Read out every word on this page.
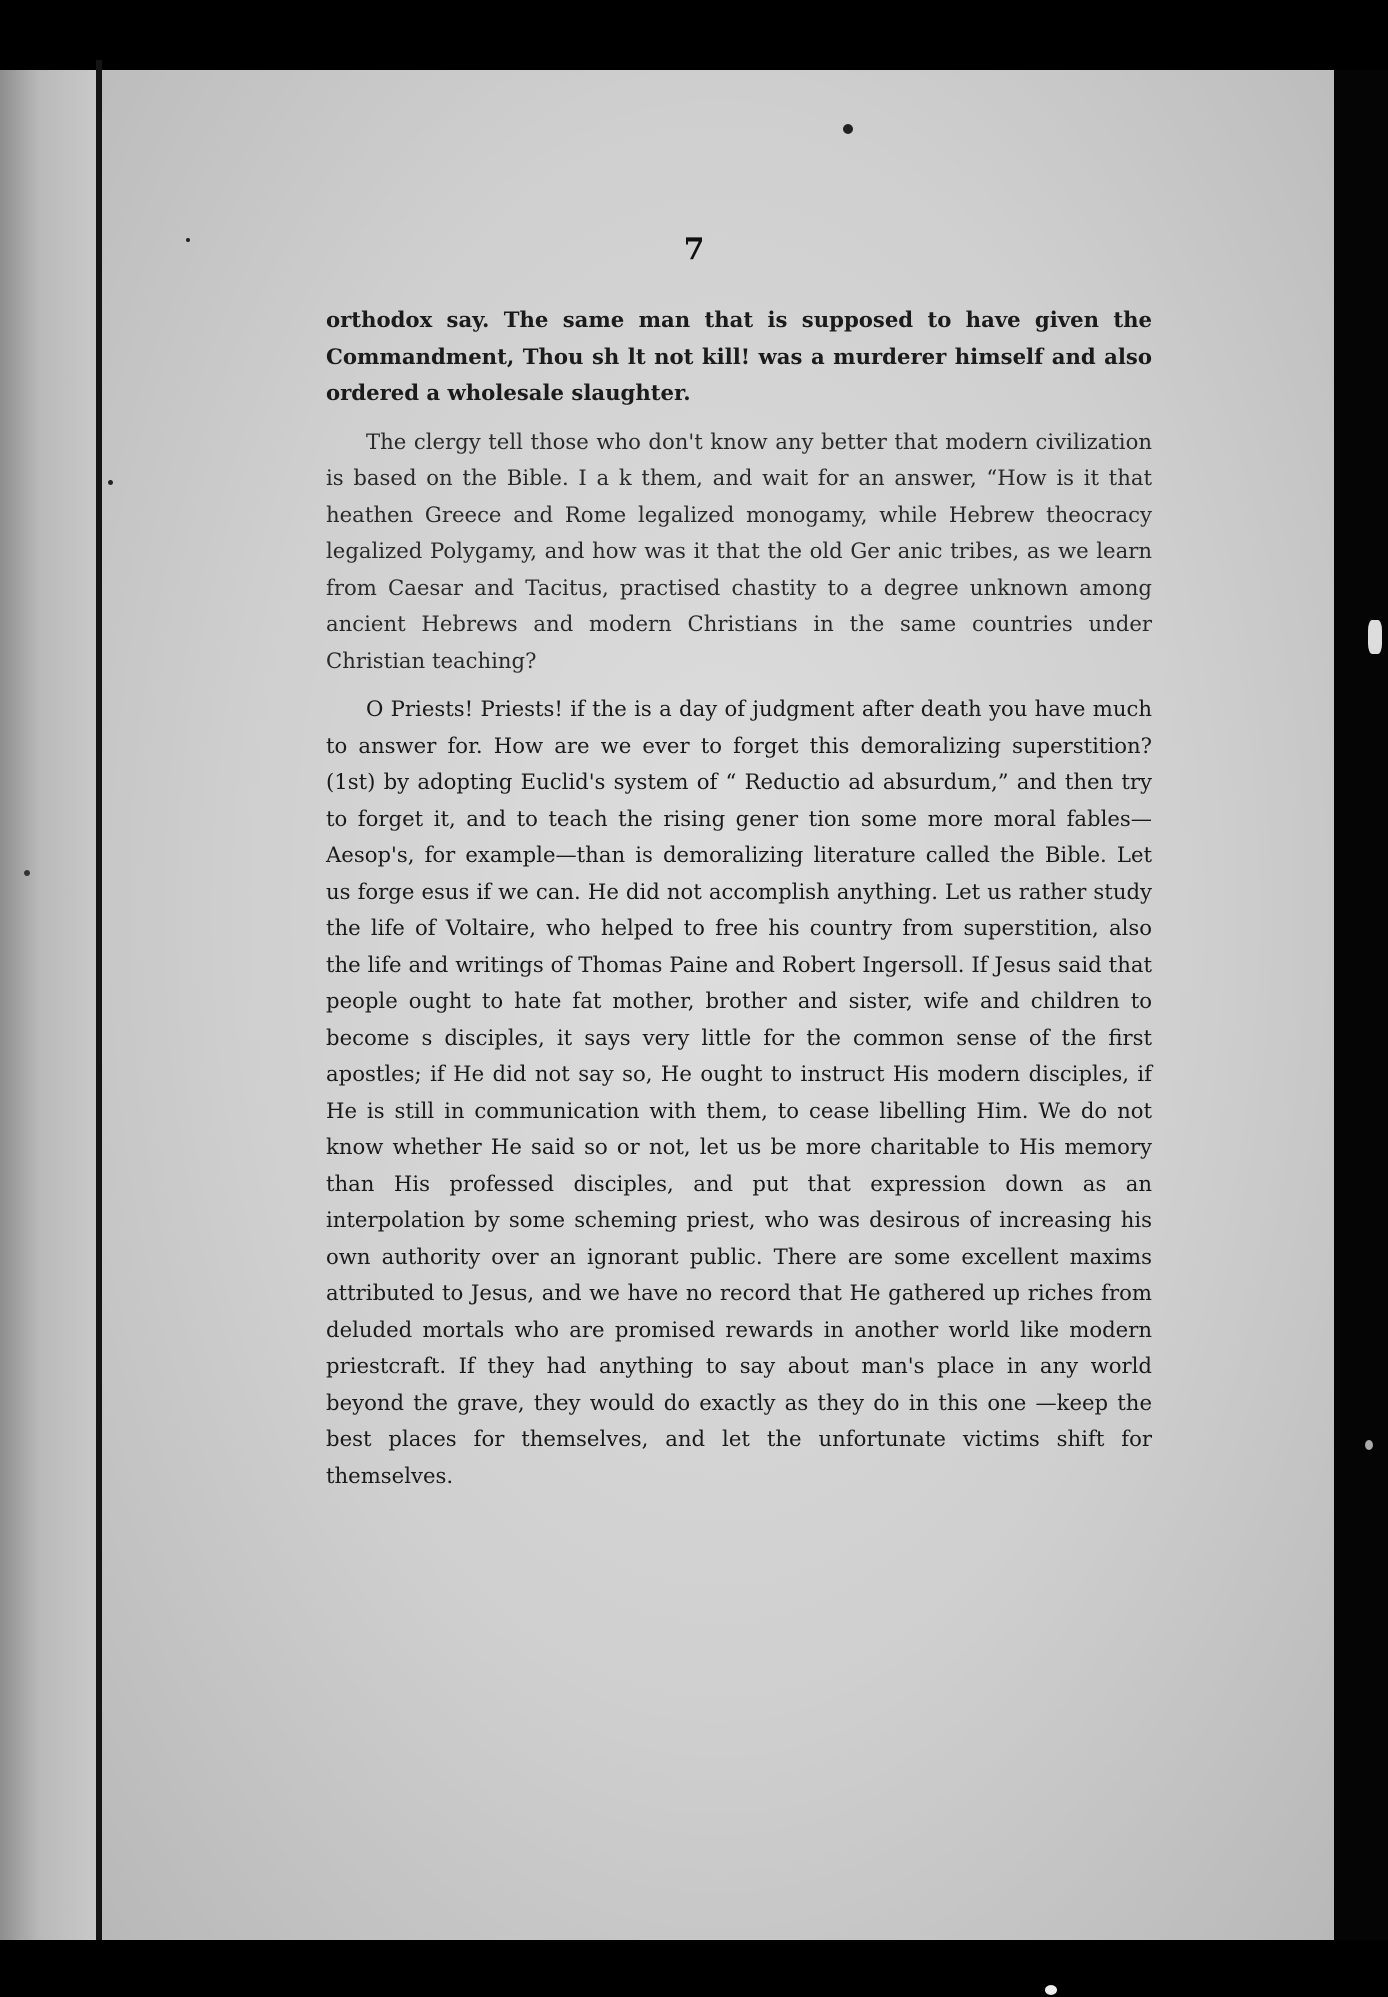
7

orthodox say. The same man that is supposed to have given the Commandment, Thou sh lt not kill! was a murderer himself and also ordered a wholesale slaughter.

The clergy tell those who don't know any better that modern civilization is based on the Bible. I a k them, and wait for an answer, “How is it that heathen Greece and Rome legalized monogamy, while Hebrew theocracy legalized Polygamy, and how was it that the old Ger anic tribes, as we learn from Caesar and Tacitus, practised chastity to a degree unknown among ancient Hebrews and modern Christians in the same countries under Christian teaching?

O Priests! Priests! if the is a day of judgment after death you have much to answer for. How are we ever to forget this demoralizing superstition? (1st) by adopting Euclid's system of “ Reductio ad absurdum,” and then try to forget it, and to teach the rising gener tion some more moral fables—Aesop's, for example—than is demoralizing literature called the Bible. Let us forge esus if we can. He did not accomplish anything. Let us rather study the life of Voltaire, who helped to free his country from superstition, also the life and writings of Thomas Paine and Robert Ingersoll. If Jesus said that people ought to hate fat mother, brother and sister, wife and children to become s disciples, it says very little for the common sense of the first apostles; if He did not say so, He ought to instruct His modern disciples, if He is still in communication with them, to cease libelling Him. We do not know whether He said so or not, let us be more charitable to His memory than His professed disciples, and put that expression down as an interpolation by some scheming priest, who was desirous of increasing his own authority over an ignorant public. There are some excellent maxims attributed to Jesus, and we have no record that He gathered up riches from deluded mortals who are promised rewards in another world like modern priestcraft. If they had anything to say about man's place in any world beyond the grave, they would do exactly as they do in this one —keep the best places for themselves, and let the unfortunate victims shift for themselves.
